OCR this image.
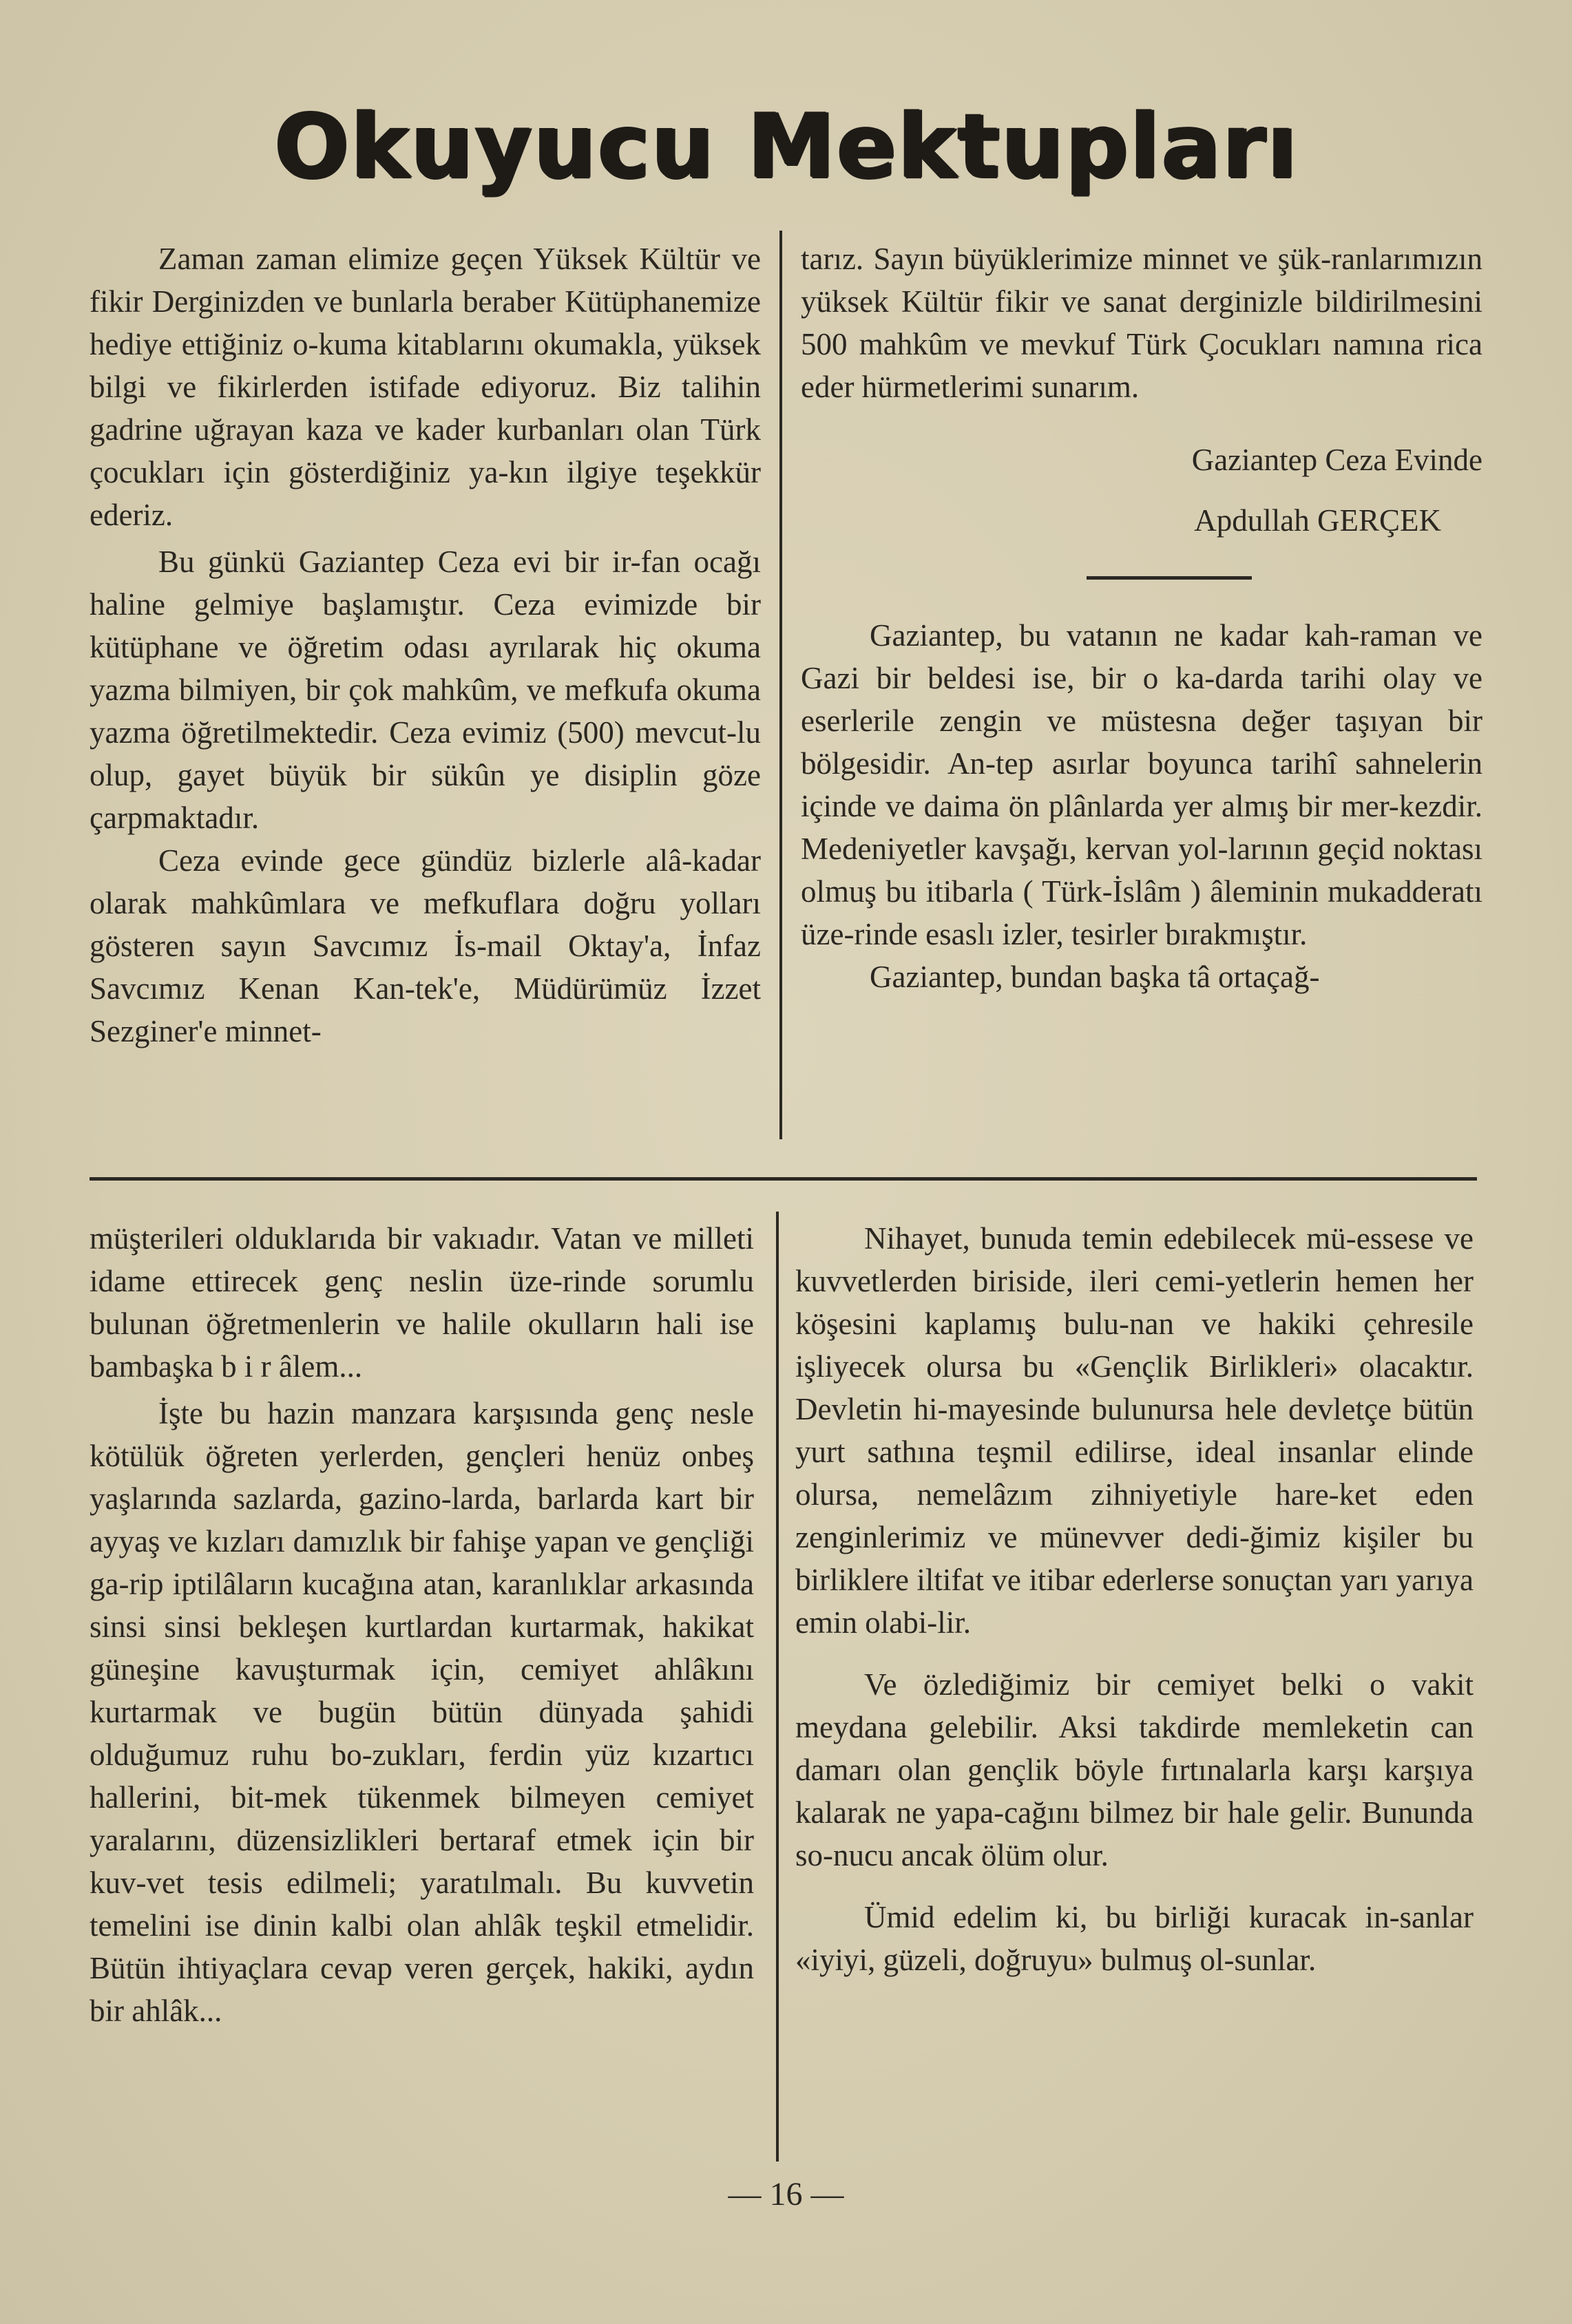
Okuyucu Mektupları

Zaman zaman elimize geçen Yüksek Kültür ve fikir Derginizden ve bunlarla beraber Kütüphanemize hediye ettiğiniz o-kuma kitablarını okumakla, yüksek bilgi ve fikirlerden istifade ediyoruz. Biz talihin gadrine uğrayan kaza ve kader kurbanları olan Türk çocukları için gösterdiğiniz ya-kın ilgiye teşekkür ederiz.

Bu günkü Gaziantep Ceza evi bir ir-fan ocağı haline gelmiye başlamıştır. Ceza evimizde bir kütüphane ve öğretim odası ayrılarak hiç okuma yazma bilmiyen, bir çok mahkûm, ve mefkufa okuma yazma öğretilmektedir. Ceza evimiz (500) mevcut-lu olup, gayet büyük bir sükûn ye disiplin göze çarpmaktadır.

Ceza evinde gece gündüz bizlerle alâ-kadar olarak mahkûmlara ve mefkuflara doğru yolları gösteren sayın Savcımız İs-mail Oktay'a, İnfaz Savcımız Kenan Kan-tek'e, Müdürümüz İzzet Sezginer'e minnet-

tarız. Sayın büyüklerimize minnet ve şük-ranlarımızın yüksek Kültür fikir ve sanat derginizle bildirilmesini 500 mahkûm ve mevkuf Türk Çocukları namına rica eder hürmetlerimi sunarım.

Gaziantep Ceza Evinde
Apdullah GERÇEK

Gaziantep, bu vatanın ne kadar kah-raman ve Gazi bir beldesi ise, bir o ka-darda tarihi olay ve eserlerile zengin ve müstesna değer taşıyan bir bölgesidir. An-tep asırlar boyunca tarihî sahnelerin içinde ve daima ön plânlarda yer almış bir mer-kezdir. Medeniyetler kavşağı, kervan yol-larının geçid noktası olmuş bu itibarla ( Türk-İslâm ) âleminin mukadderatı üze-rinde esaslı izler, tesirler bırakmıştır.

Gaziantep, bundan başka tâ ortaçağ-

müşterileri olduklarıda bir vakıadır. Vatan ve milleti idame ettirecek genç neslin üze-rinde sorumlu bulunan öğretmenlerin ve halile okulların hali ise bambaşka b i r âlem...

İşte bu hazin manzara karşısında genç nesle kötülük öğreten yerlerden, gençleri henüz onbeş yaşlarında sazlarda, gazino-larda, barlarda kart bir ayyaş ve kızları damızlık bir fahişe yapan ve gençliği ga-rip iptilâların kucağına atan, karanlıklar arkasında sinsi sinsi bekleşen kurtlardan kurtarmak, hakikat güneşine kavuşturmak için, cemiyet ahlâkını kurtarmak ve bugün bütün dünyada şahidi olduğumuz ruhu bo-zukları, ferdin yüz kızartıcı hallerini, bit-mek tükenmek bilmeyen cemiyet yaralarını, düzensizlikleri bertaraf etmek için bir kuv-vet tesis edilmeli; yaratılmalı. Bu kuvvetin temelini ise dinin kalbi olan ahlâk teşkil etmelidir. Bütün ihtiyaçlara cevap veren gerçek, hakiki, aydın bir ahlâk...

Nihayet, bunuda temin edebilecek mü-essese ve kuvvetlerden biriside, ileri cemi-yetlerin hemen her köşesini kaplamış bulu-nan ve hakiki çehresile işliyecek olursa bu «Gençlik Birlikleri» olacaktır. Devletin hi-mayesinde bulunursa hele devletçe bütün yurt sathına teşmil edilirse, ideal insanlar elinde olursa, nemelâzım zihniyetiyle hare-ket eden zenginlerimiz ve münevver dedi-ğimiz kişiler bu birliklere iltifat ve itibar ederlerse sonuçtan yarı yarıya emin olabi-lir.

Ve özlediğimiz bir cemiyet belki o vakit meydana gelebilir. Aksi takdirde memleketin can damarı olan gençlik böyle fırtınalarla karşı karşıya kalarak ne yapa-cağını bilmez bir hale gelir. Bununda so-nucu ancak ölüm olur.

Ümid edelim ki, bu birliği kuracak in-sanlar «iyiyi, güzeli, doğruyu» bulmuş ol-sunlar.

— 16 —
